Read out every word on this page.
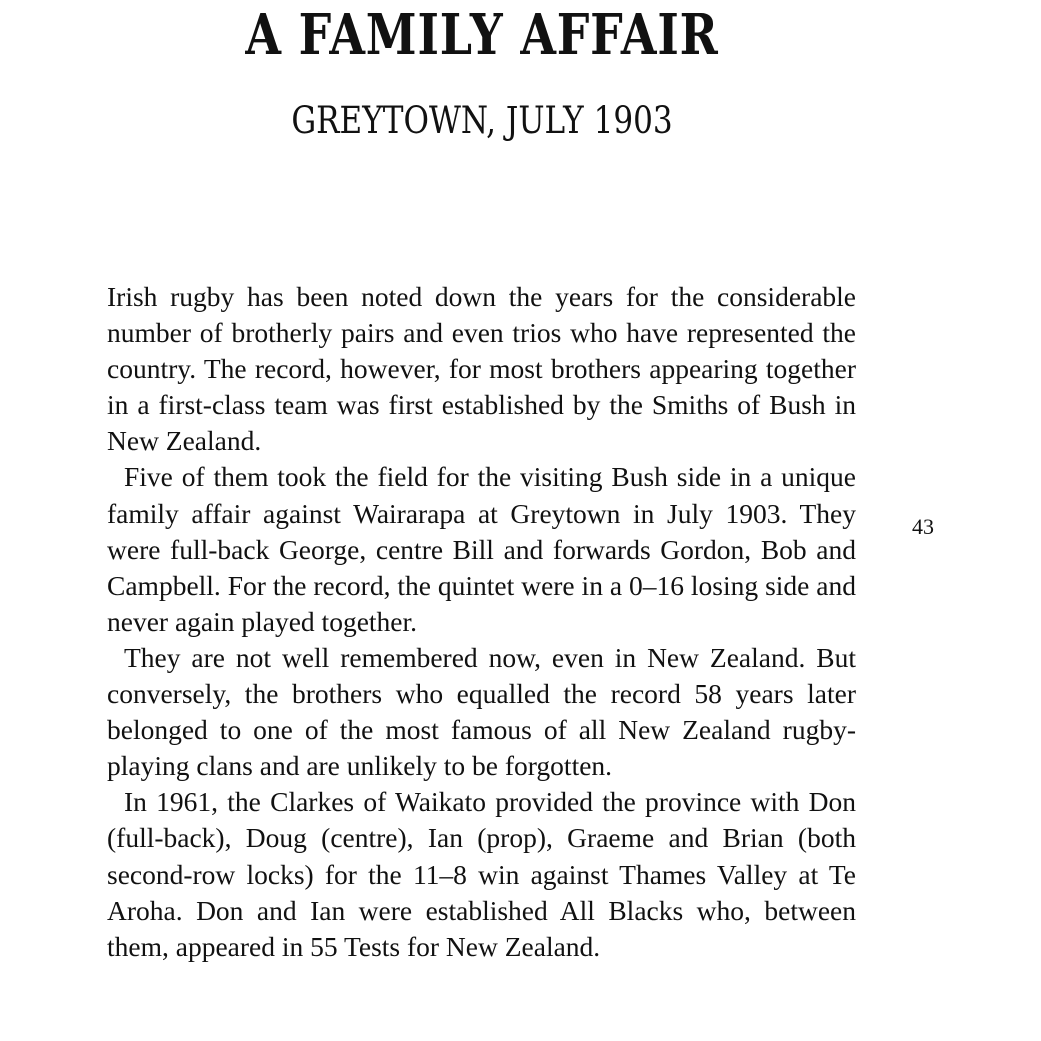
A FAMILY AFFAIR
GREYTOWN, JULY 1903

Irish rugby has been noted down the years for the considerable number of brotherly pairs and even trios who have represented the country. The record, however, for most brothers appearing together in a first-class team was first established by the Smiths of Bush in New Zealand.

Five of them took the field for the visiting Bush side in a unique family affair against Wairarapa at Greytown in July 1903. They were full-back George, centre Bill and forwards Gordon, Bob and Campbell. For the record, the quintet were in a 0–16 losing side and never again played together.

They are not well remembered now, even in New Zealand. But conversely, the brothers who equalled the record 58 years later belonged to one of the most famous of all New Zealand rugby-playing clans and are unlikely to be forgotten.

In 1961, the Clarkes of Waikato provided the province with Don (full-back), Doug (centre), Ian (prop), Graeme and Brian (both second-row locks) for the 11–8 win against Thames Valley at Te Aroha. Don and Ian were established All Blacks who, between them, appeared in 55 Tests for New Zealand.

43
